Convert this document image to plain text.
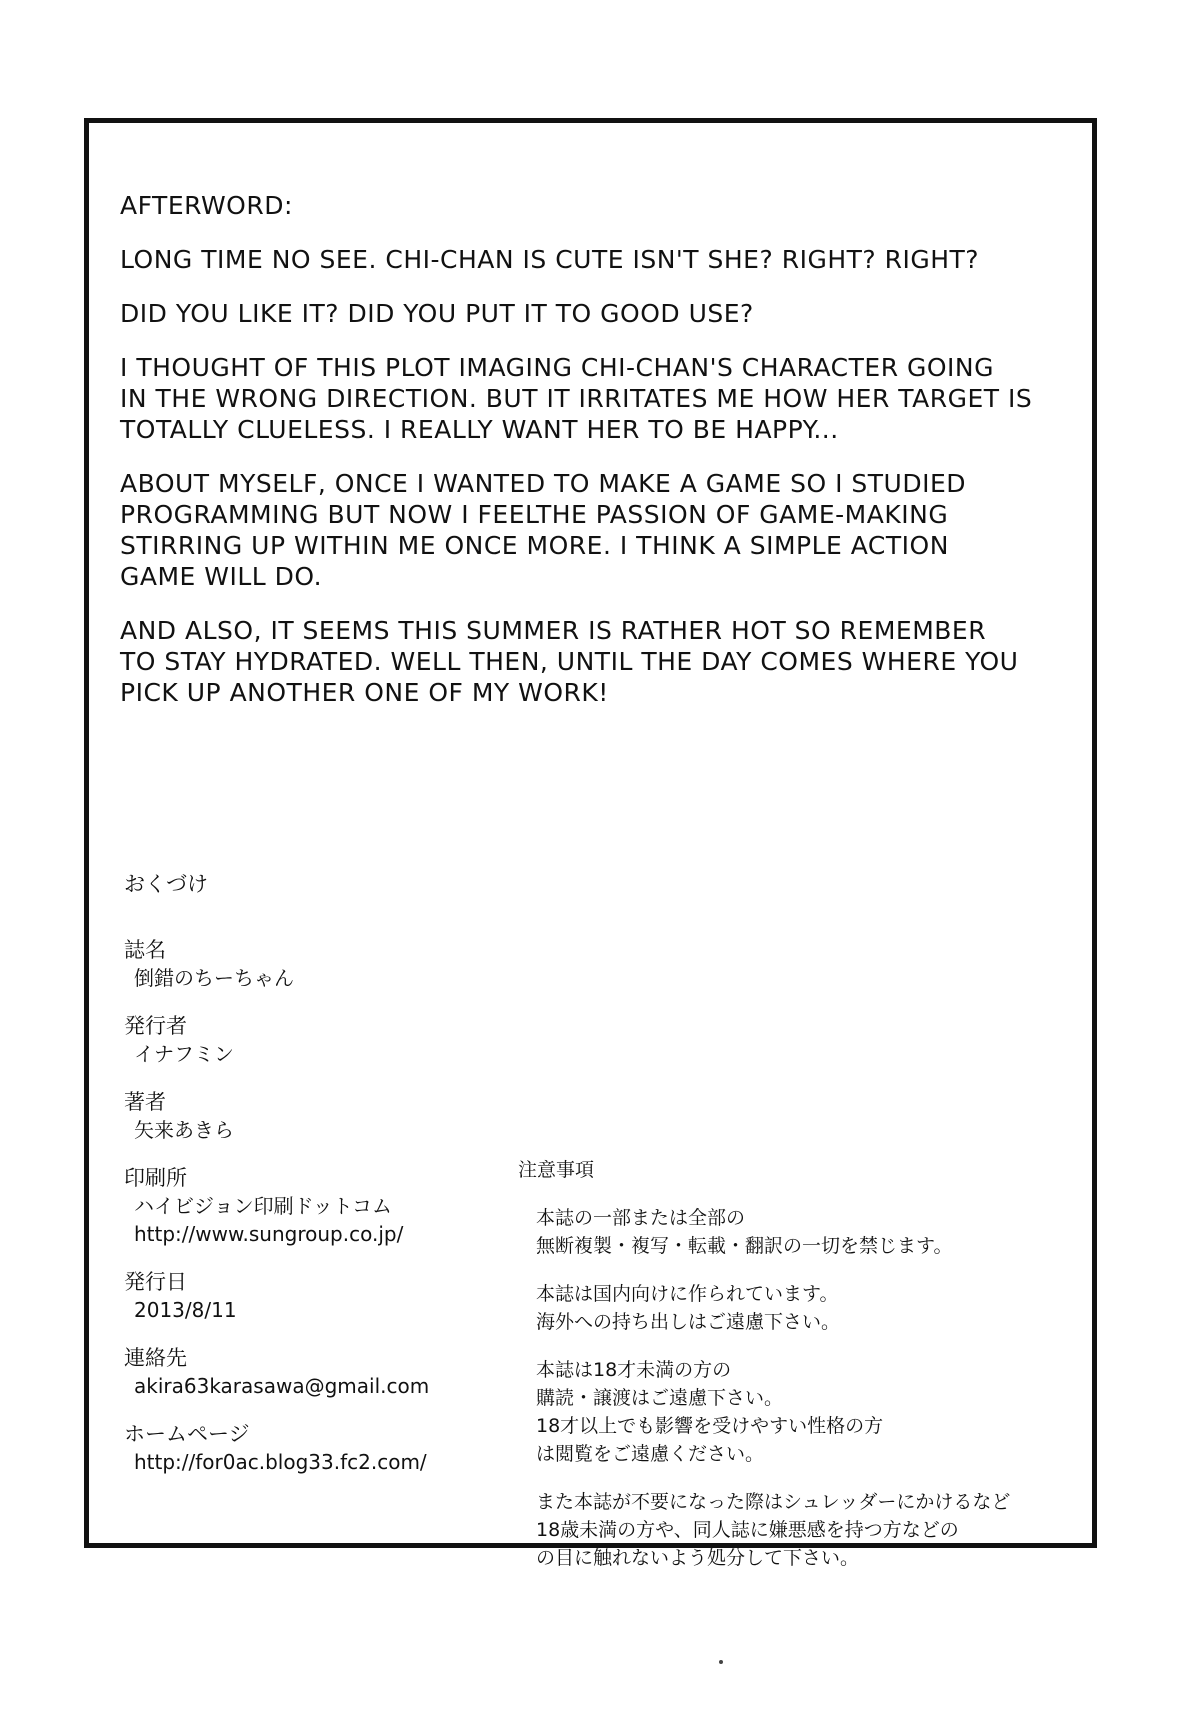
AFTERWORD:

LONG TIME NO SEE. CHI-CHAN IS CUTE ISN'T SHE? RIGHT? RIGHT?

DID YOU LIKE IT? DID YOU PUT IT TO GOOD USE?

I THOUGHT OF THIS PLOT IMAGING CHI-CHAN'S CHARACTER GOING
IN THE WRONG DIRECTION. BUT IT IRRITATES ME HOW HER TARGET IS
TOTALLY CLUELESS. I REALLY WANT HER TO BE HAPPY...

ABOUT MYSELF, ONCE I WANTED TO MAKE A GAME SO I STUDIED
PROGRAMMING BUT NOW I FEELTHE PASSION OF GAME-MAKING
STIRRING UP WITHIN ME ONCE MORE. I THINK A SIMPLE ACTION
GAME WILL DO.

AND ALSO, IT SEEMS THIS SUMMER IS RATHER HOT SO REMEMBER
TO STAY HYDRATED. WELL THEN, UNTIL THE DAY COMES WHERE YOU
PICK UP ANOTHER ONE OF MY WORK!

おくづけ
誌名
倒錯のちーちゃん
発行者
イナフミン
著者
矢来あきら
印刷所
ハイビジョン印刷ドットコム
http://www.sungroup.co.jp/
発行日
2013/8/11
連絡先
akira63karasawa@gmail.com
ホームページ
http://for0ac.blog33.fc2.com/
注意事項

本誌の一部または全部の
無断複製・複写・転載・翻訳の一切を禁じます。

本誌は国内向けに作られています。
海外への持ち出しはご遠慮下さい。

本誌は18才未満の方の
購読・譲渡はご遠慮下さい。
18才以上でも影響を受けやすい性格の方
は閲覧をご遠慮ください。

また本誌が不要になった際はシュレッダーにかけるなど
18歳未満の方や、同人誌に嫌悪感を持つ方などの
の目に触れないよう処分して下さい。
